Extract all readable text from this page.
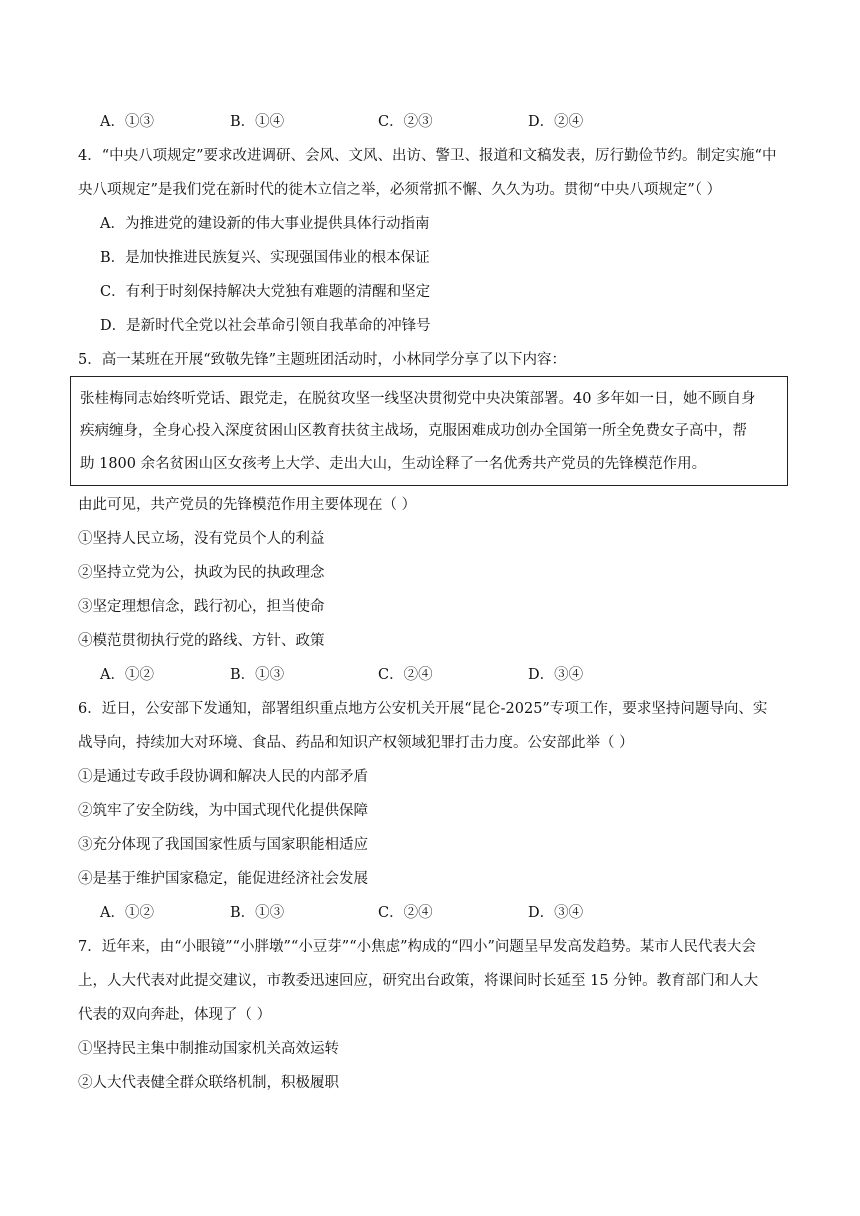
A．①③	B．①④	C．②③	D．②④
4．“中央八项规定”要求改进调研、会风、文风、出访、警卫、报道和文稿发表，厉行勤俭节约。制定实施“中
央八项规定”是我们党在新时代的徙木立信之举，必须常抓不懈、久久为功。贯彻“中央八项规定”（ ）
A．为推进党的建设新的伟大事业提供具体行动指南
B．是加快推进民族复兴、实现强国伟业的根本保证
C．有利于时刻保持解决大党独有难题的清醒和坚定
D．是新时代全党以社会革命引领自我革命的冲锋号
5．高一某班在开展“致敬先锋”主题班团活动时，小林同学分享了以下内容：
张桂梅同志始终听党话、跟党走，在脱贫攻坚一线坚决贯彻党中央决策部署。40 多年如一日，她不顾自身
疾病缠身，全身心投入深度贫困山区教育扶贫主战场，克服困难成功创办全国第一所全免费女子高中，帮
助 1800 余名贫困山区女孩考上大学、走出大山，生动诠释了一名优秀共产党员的先锋模范作用。
由此可见，共产党员的先锋模范作用主要体现在（ ）
①坚持人民立场，没有党员个人的利益
②坚持立党为公，执政为民的执政理念
③坚定理想信念，践行初心，担当使命
④模范贯彻执行党的路线、方针、政策
A．①②	B．①③	C．②④	D．③④
6．近日，公安部下发通知，部署组织重点地方公安机关开展“昆仑-2025”专项工作，要求坚持问题导向、实
战导向，持续加大对环境、食品、药品和知识产权领域犯罪打击力度。公安部此举（ ）
①是通过专政手段协调和解决人民的内部矛盾
②筑牢了安全防线，为中国式现代化提供保障
③充分体现了我国国家性质与国家职能相适应
④是基于维护国家稳定，能促进经济社会发展
A．①②	B．①③	C．②④	D．③④
7．近年来，由“小眼镜”“小胖墩”“小豆芽”“小焦虑”构成的“四小”问题呈早发高发趋势。某市人民代表大会
上，人大代表对此提交建议，市教委迅速回应，研究出台政策，将课间时长延至 15 分钟。教育部门和人大
代表的双向奔赴，体现了（ ）
①坚持民主集中制推动国家机关高效运转
②人大代表健全群众联络机制，积极履职
